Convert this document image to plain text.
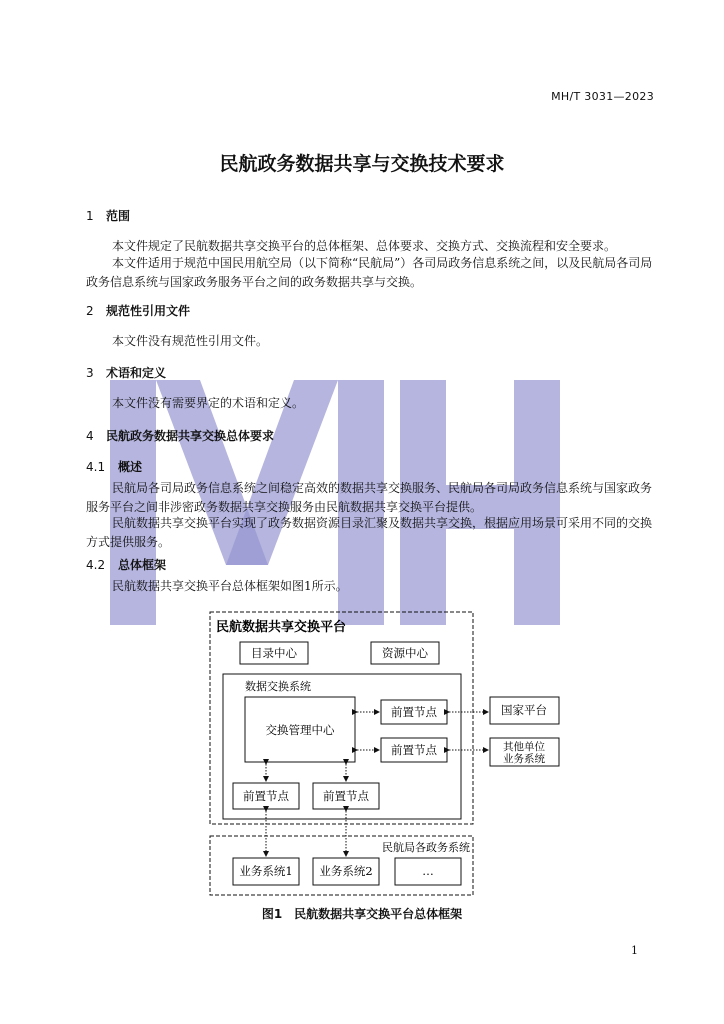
MH/T 3031—2023
民航政务数据共享与交换技术要求
1 范围
本文件规定了民航数据共享交换平台的总体框架、总体要求、交换方式、交换流程和安全要求。
本文件适用于规范中国民用航空局（以下简称“民航局”）各司局政务信息系统之间，以及民航局各司局政务信息系统与国家政务服务平台之间的政务数据共享与交换。
2 规范性引用文件
本文件没有规范性引用文件。
3 术语和定义
本文件没有需要界定的术语和定义。
4 民航政务数据共享交换总体要求
4.1 概述
民航局各司局政务信息系统之间稳定高效的数据共享交换服务、民航局各司局政务信息系统与国家政务服务平台之间非涉密政务数据共享交换服务由民航数据共享交换平台提供。
民航数据共享交换平台实现了政务数据资源目录汇聚及数据共享交换，根据应用场景可采用不同的交换方式提供服务。
4.2 总体框架
民航数据共享交换平台总体框架如图1所示。
民航数据共享交换平台
目录中心	资源中心
数据交换系统
交换管理中心
前置节点
前置节点
前置节点	前置节点
国家平台
其他单位
业务系统
民航局各政务系统
业务系统1 业务系统2	…
图1　民航数据共享交换平台总体框架
1
